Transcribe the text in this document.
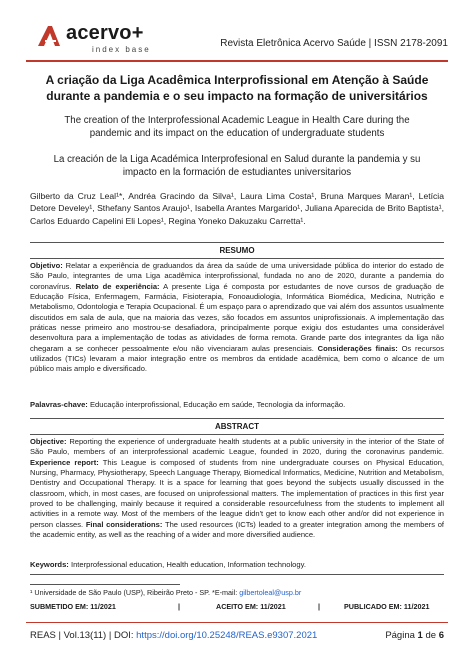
acervo+
index base
Revista Eletrônica Acervo Saúde | ISSN 2178-2091
A criação da Liga Acadêmica Interprofissional em Atenção à Saúde durante a pandemia e o seu impacto na formação de universitários
The creation of the Interprofessional Academic League in Health Care during the pandemic and its impact on the education of undergraduate students
La creación de la Liga Académica Interprofesional en Salud durante la pandemia y su impacto en la formación de estudiantes universitarios
Gilberto da Cruz Leal¹*, Andréa Gracindo da Silva¹, Laura Lima Costa¹, Bruna Marques Maran¹, Letícia Detore Develey¹, Sthefany Santos Araujo¹, Isabella Arantes Margarido¹, Juliana Aparecida de Brito Baptista¹, Carlos Eduardo Capelini Eli Lopes¹, Regina Yoneko Dakuzaku Carretta¹.
RESUMO
Objetivo: Relatar a experiência de graduandos da área da saúde de uma universidade pública do interior do estado de São Paulo, integrantes de uma Liga acadêmica interprofissional, fundada no ano de 2020, durante a pandemia do coronavírus. Relato de experiência: A presente Liga é composta por estudantes de nove cursos de graduação de Educação Física, Enfermagem, Farmácia, Fisioterapia, Fonoaudiologia, Informática Biomédica, Medicina, Nutrição e Metabolismo, Odontologia e Terapia Ocupacional. É um espaço para o aprendizado que vai além dos assuntos usualmente discutidos em sala de aula, que na maioria das vezes, são focados em assuntos uniprofissionais. A implementação das práticas nesse primeiro ano mostrou-se desafiadora, principalmente porque exigiu dos estudantes uma considerável desenvoltura para a implementação de todas as atividades de forma remota. Grande parte dos integrantes da liga não chegaram a se conhecer pessoalmente e/ou não vivenciaram aulas presenciais. Considerações finais: Os recursos utilizados (TICs) levaram a maior integração entre os membros da entidade acadêmica, bem como o alcance de um público mais amplo e diversificado.
Palavras-chave: Educação interprofissional, Educação em saúde, Tecnologia da informação.
ABSTRACT
Objective: Reporting the experience of undergraduate health students at a public university in the interior of the State of São Paulo, members of an interprofessional academic League, founded in 2020, during the coronavirus pandemic. Experience report: This League is composed of students from nine undergraduate courses on Physical Education, Nursing, Pharmacy, Physiotherapy, Speech Language Therapy, Biomedical Informatics, Medicine, Nutrition and Metabolism, Dentistry and Occupational Therapy. It is a space for learning that goes beyond the subjects usually discussed in the classroom, which, in most cases, are focused on uniprofessional matters. The implementation of practices in this first year proved to be challenging, mainly because it required a considerable resourcefulness from the students to implement all activities in a remote way. Most of the members of the league didn't get to know each other and/or did not experience in person classes. Final considerations: The used resources (ICTs) leaded to a greater integration among the members of the academic entity, as well as the reaching of a wider and more diversified audience.
Keywords: Interprofessional education, Health education, Information technology.
¹ Universidade de São Paulo (USP), Ribeirão Preto - SP. *E-mail: gilbertoleal@usp.br
SUBMETIDO EM: 11/2021	|	ACEITO EM: 11/2021	|	PUBLICADO EM: 11/2021
REAS | Vol.13(11) | DOI: https://doi.org/10.25248/REAS.e9307.2021	Página 1 de 6
